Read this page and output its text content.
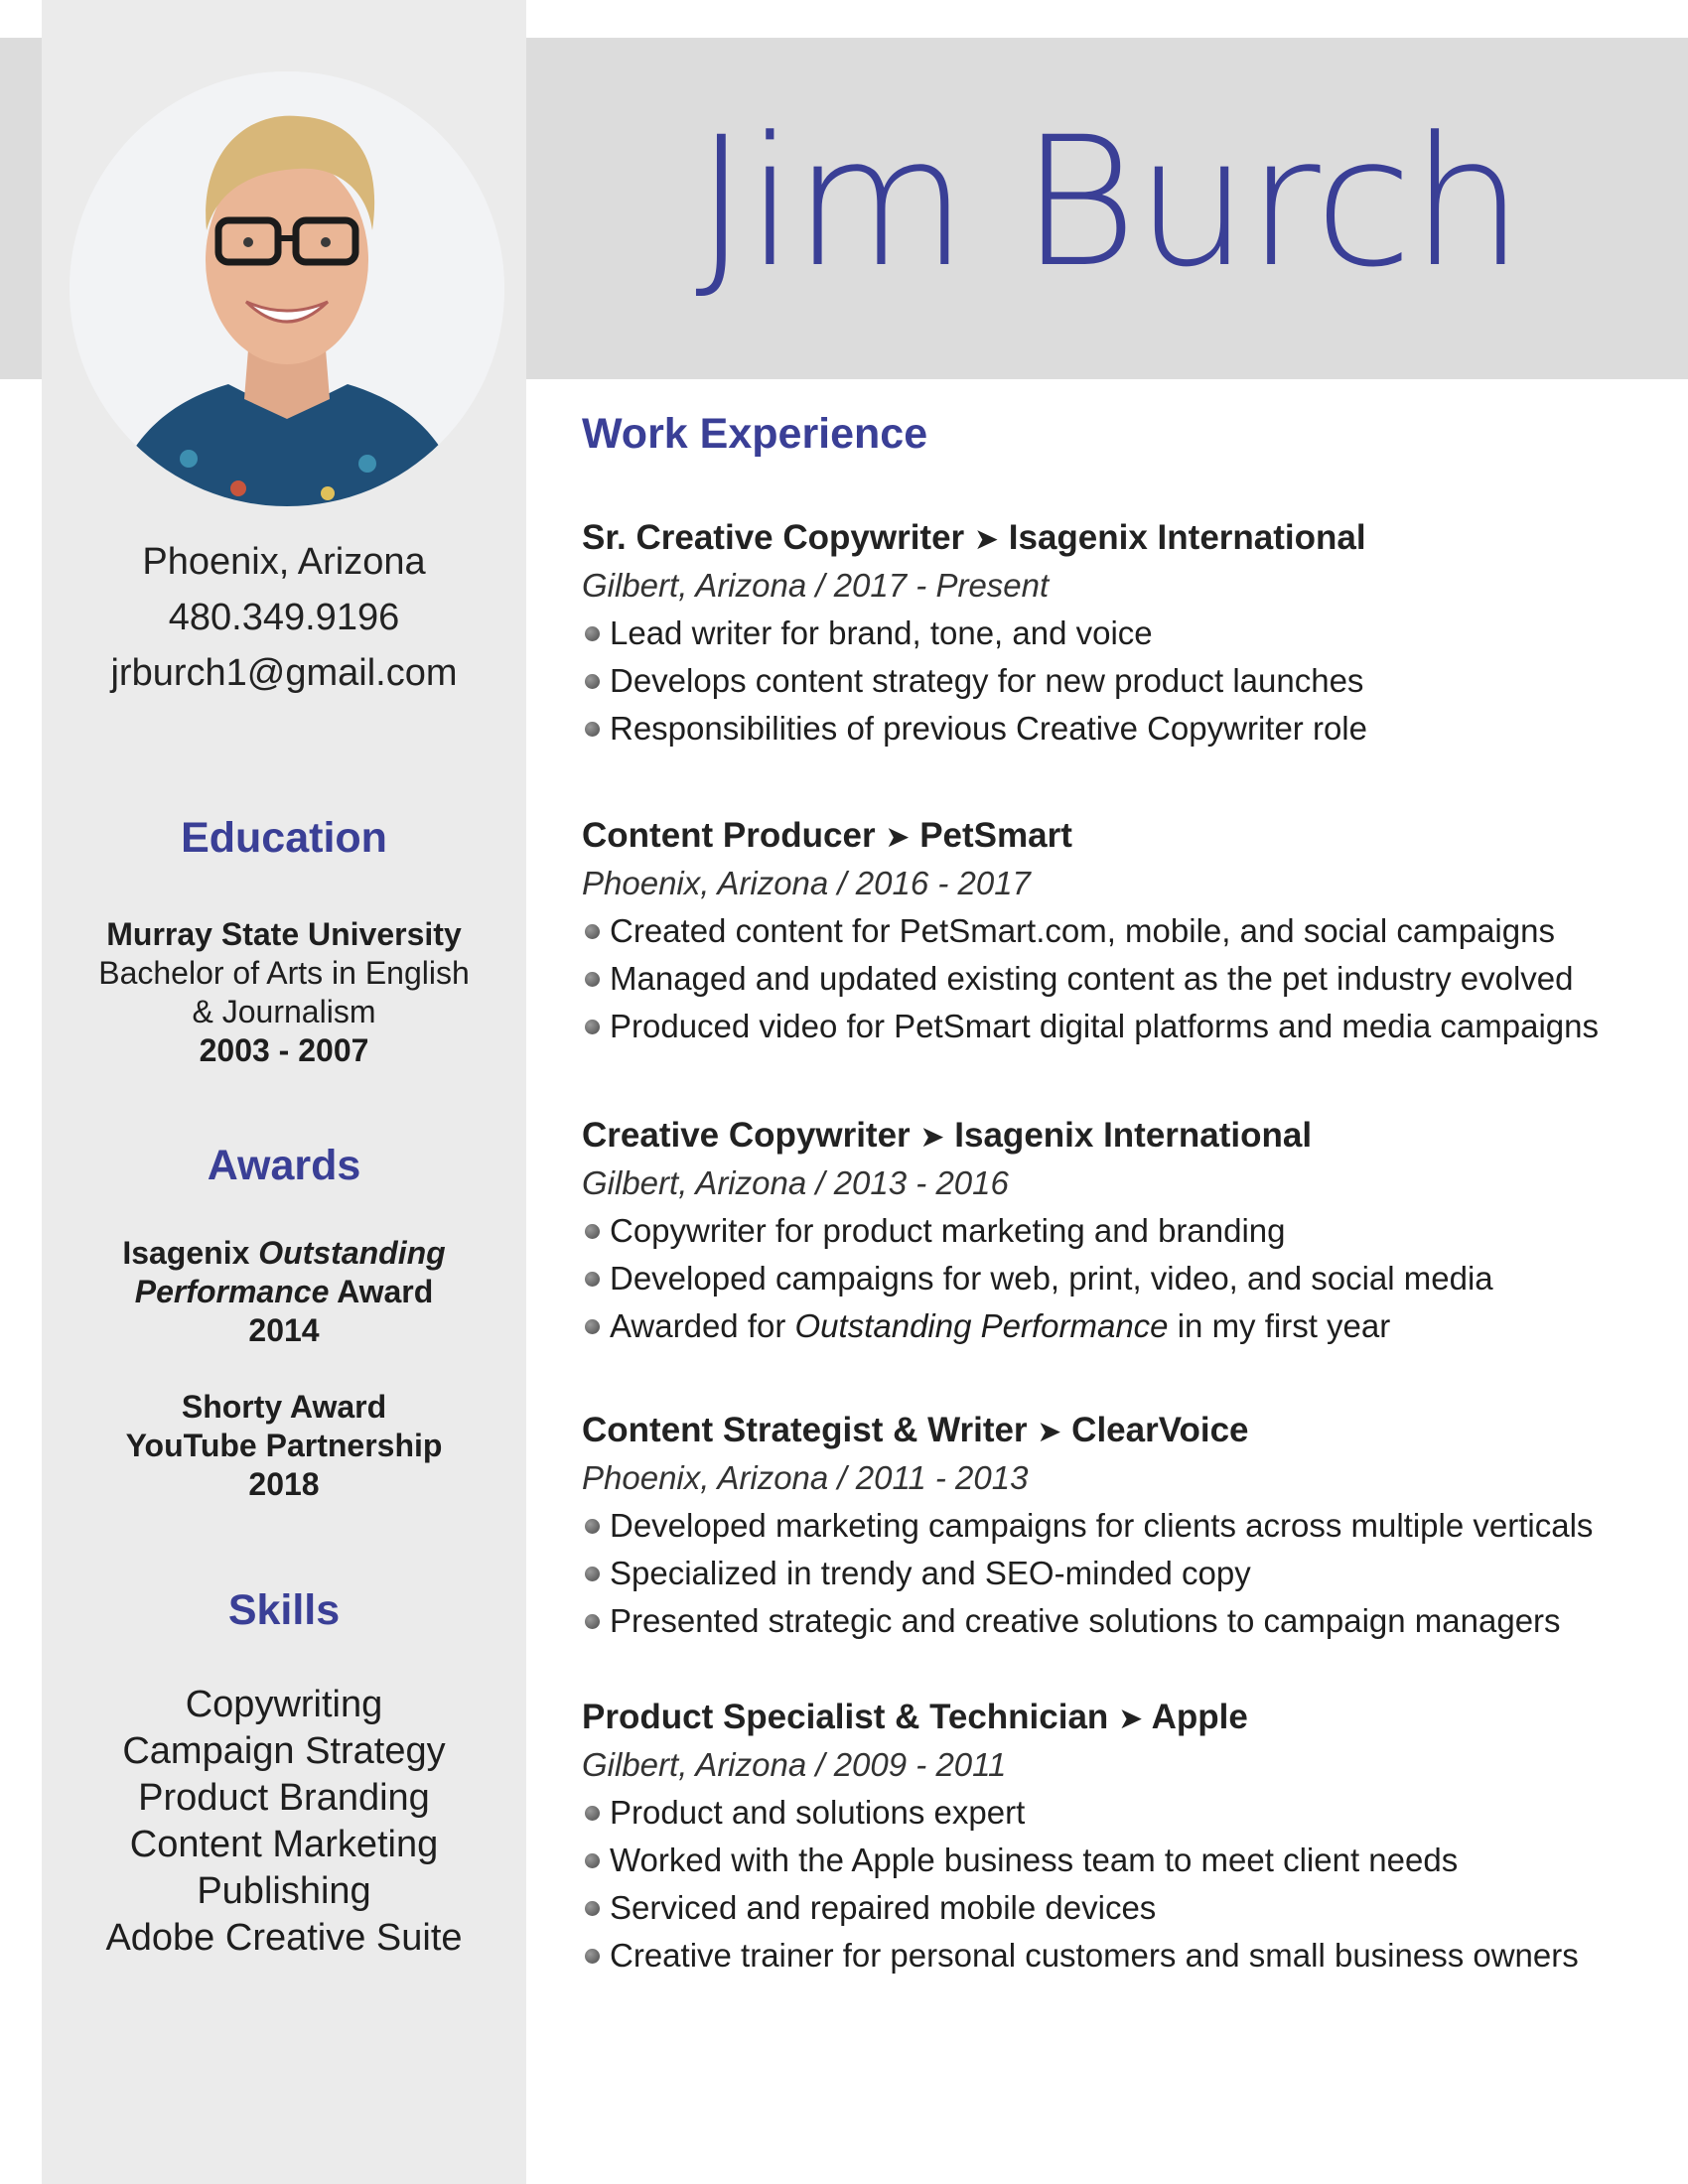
Jim Burch
Phoenix, Arizona
480.349.9196
jrburch1@gmail.com
Education
Murray State University
Bachelor of Arts in English
& Journalism
2003 - 2007
Awards
Isagenix Outstanding
Performance Award
2014
Shorty Award
YouTube Partnership
2018
Skills
Copywriting
Campaign Strategy
Product Branding
Content Marketing
Publishing
Adobe Creative Suite
Work Experience
Sr. Creative Copywriter ➤ Isagenix International
Gilbert, Arizona / 2017 - Present
Lead writer for brand, tone, and voice
Develops content strategy for new product launches
Responsibilities of previous Creative Copywriter role
Content Producer ➤ PetSmart
Phoenix, Arizona / 2016 - 2017
Created content for PetSmart.com, mobile, and social campaigns
Managed and updated existing content as the pet industry evolved
Produced video for PetSmart digital platforms and media campaigns
Creative Copywriter ➤ Isagenix International
Gilbert, Arizona / 2013 - 2016
Copywriter for product marketing and branding
Developed campaigns for web, print, video, and social media
Awarded for Outstanding Performance in my first year
Content Strategist & Writer ➤ ClearVoice
Phoenix, Arizona / 2011 - 2013
Developed marketing campaigns for clients across multiple verticals
Specialized in trendy and SEO-minded copy
Presented strategic and creative solutions to campaign managers
Product Specialist & Technician ➤ Apple
Gilbert, Arizona / 2009 - 2011
Product and solutions expert
Worked with the Apple business team to meet client needs
Serviced and repaired mobile devices
Creative trainer for personal customers and small business owners
